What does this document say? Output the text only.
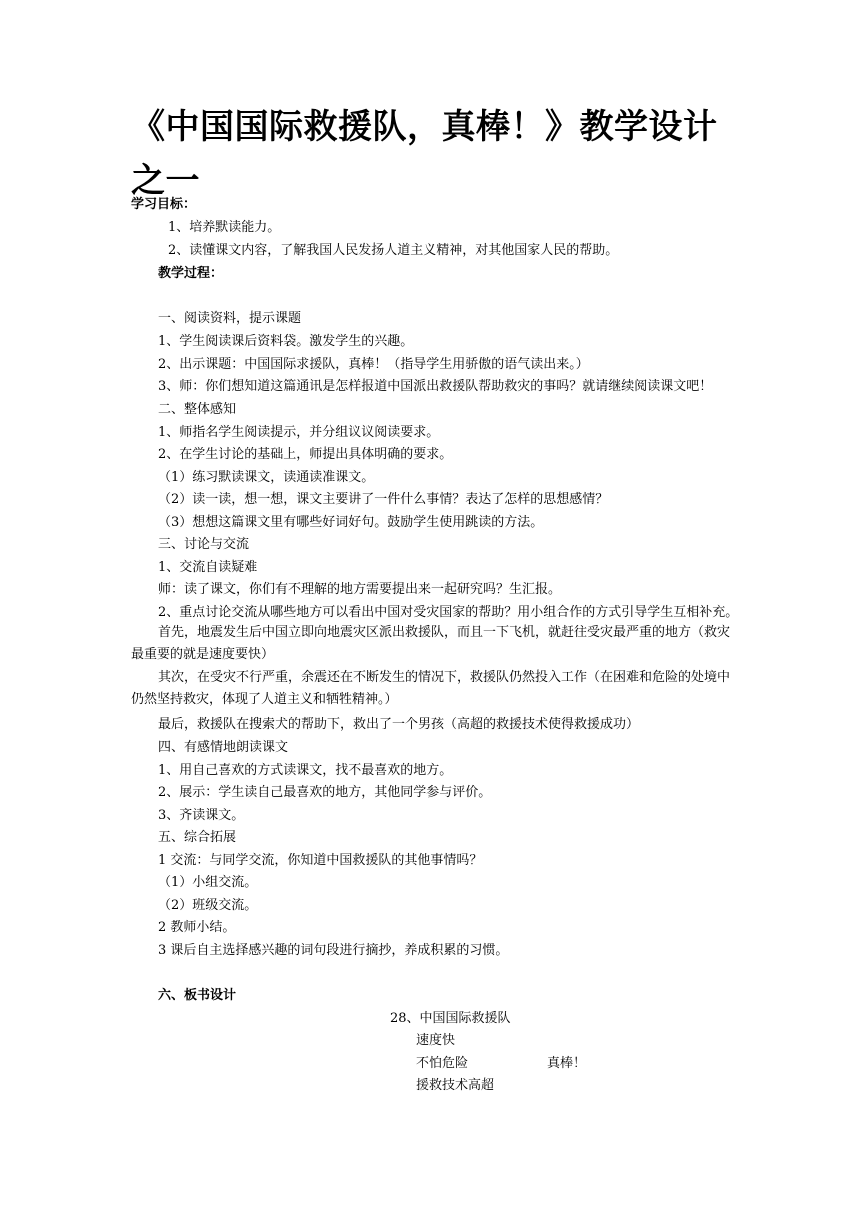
《中国国际救援队，真棒！》教学设计之一
学习目标：
1、培养默读能力。
2、读懂课文内容，了解我国人民发扬人道主义精神，对其他国家人民的帮助。
教学过程：
一、阅读资料，提示课题
1、学生阅读课后资料袋。激发学生的兴趣。
2、出示课题：中国国际求援队，真棒！（指导学生用骄傲的语气读出来。）
3、师：你们想知道这篇通讯是怎样报道中国派出救援队帮助救灾的事吗？就请继续阅读课文吧！
二、整体感知
1、师指名学生阅读提示，并分组议议阅读要求。
2、在学生讨论的基础上，师提出具体明确的要求。
（1）练习默读课文，读通读准课文。
（2）读一读，想一想，课文主要讲了一件什么事情？表达了怎样的思想感情？
（3）想想这篇课文里有哪些好词好句。鼓励学生使用跳读的方法。
三、讨论与交流
1、交流自读疑难
师：读了课文，你们有不理解的地方需要提出来一起研究吗？生汇报。
2、重点讨论交流从哪些地方可以看出中国对受灾国家的帮助？用小组合作的方式引导学生互相补充。
首先，地震发生后中国立即向地震灾区派出救援队，而且一下飞机，就赶往受灾最严重的地方（救灾最重要的就是速度要快）
其次，在受灾不行严重，余震还在不断发生的情况下，救援队仍然投入工作（在困难和危险的处境中仍然坚持救灾，体现了人道主义和牺牲精神。）
最后，救援队在搜索犬的帮助下，救出了一个男孩（高超的救援技术使得救援成功）
四、有感情地朗读课文
1、用自己喜欢的方式读课文，找不最喜欢的地方。
2、展示：学生读自己最喜欢的地方，其他同学参与评价。
3、齐读课文。
五、综合拓展
1 交流：与同学交流，你知道中国救援队的其他事情吗？
（1）小组交流。
（2）班级交流。
2 教师小结。
3 课后自主选择感兴趣的词句段进行摘抄，养成积累的习惯。
六、板书设计
28、中国国际救援队
速度快
不怕危险	真棒！
援救技术高超
